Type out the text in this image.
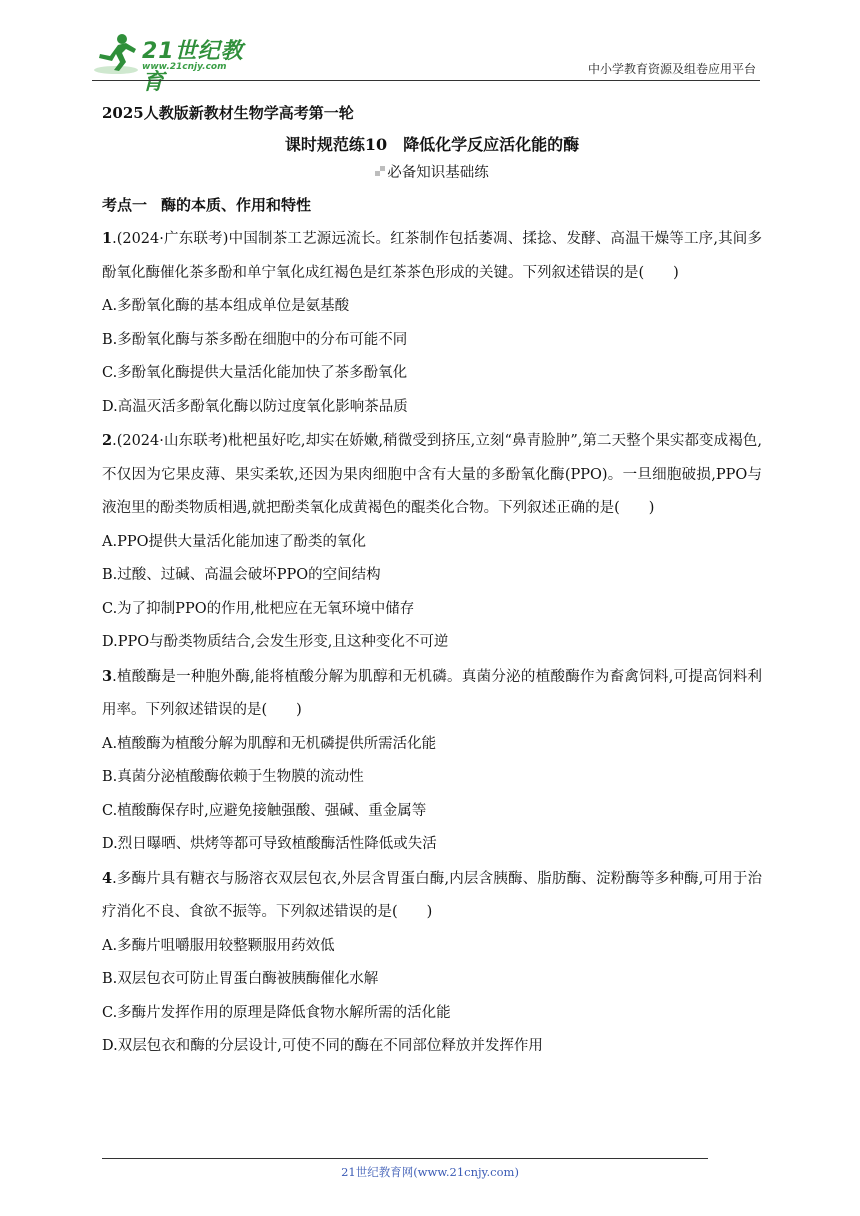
21世纪教育
www.21cnjy.com	中小学教育资源及组卷应用平台

2025人教版新教材生物学高考第一轮

课时规范练10 降低化学反应活化能的酶

必备知识基础练
考点一 酶的本质、作用和特性

1.(2024·广东联考)中国制茶工艺源远流长。红茶制作包括萎凋、揉捻、发酵、高温干燥等工序,其间多酚氧化酶催化茶多酚和单宁氧化成红褐色是红茶茶色形成的关键。下列叙述错误的是(　　)

A.多酚氧化酶的基本组成单位是氨基酸

B.多酚氧化酶与茶多酚在细胞中的分布可能不同

C.多酚氧化酶提供大量活化能加快了茶多酚氧化

D.高温灭活多酚氧化酶以防过度氧化影响茶品质

2.(2024·山东联考)枇杷虽好吃,却实在娇嫩,稍微受到挤压,立刻“鼻青脸肿”,第二天整个果实都变成褐色,不仅因为它果皮薄、果实柔软,还因为果肉细胞中含有大量的多酚氧化酶(PPO)。一旦细胞破损,PPO与液泡里的酚类物质相遇,就把酚类氧化成黄褐色的醌类化合物。下列叙述正确的是(　　)

A.PPO提供大量活化能加速了酚类的氧化

B.过酸、过碱、高温会破坏PPO的空间结构

C.为了抑制PPO的作用,枇杷应在无氧环境中储存

D.PPO与酚类物质结合,会发生形变,且这种变化不可逆

3.植酸酶是一种胞外酶,能将植酸分解为肌醇和无机磷。真菌分泌的植酸酶作为畜禽饲料,可提高饲料利用率。下列叙述错误的是(　　)

A.植酸酶为植酸分解为肌醇和无机磷提供所需活化能

B.真菌分泌植酸酶依赖于生物膜的流动性

C.植酸酶保存时,应避免接触强酸、强碱、重金属等

D.烈日曝晒、烘烤等都可导致植酸酶活性降低或失活

4.多酶片具有糖衣与肠溶衣双层包衣,外层含胃蛋白酶,内层含胰酶、脂肪酶、淀粉酶等多种酶,可用于治疗消化不良、食欲不振等。下列叙述错误的是(　　)

A.多酶片咀嚼服用较整颗服用药效低

B.双层包衣可防止胃蛋白酶被胰酶催化水解

C.多酶片发挥作用的原理是降低食物水解所需的活化能

D.双层包衣和酶的分层设计,可使不同的酶在不同部位释放并发挥作用

21世纪教育网(www.21cnjy.com)
